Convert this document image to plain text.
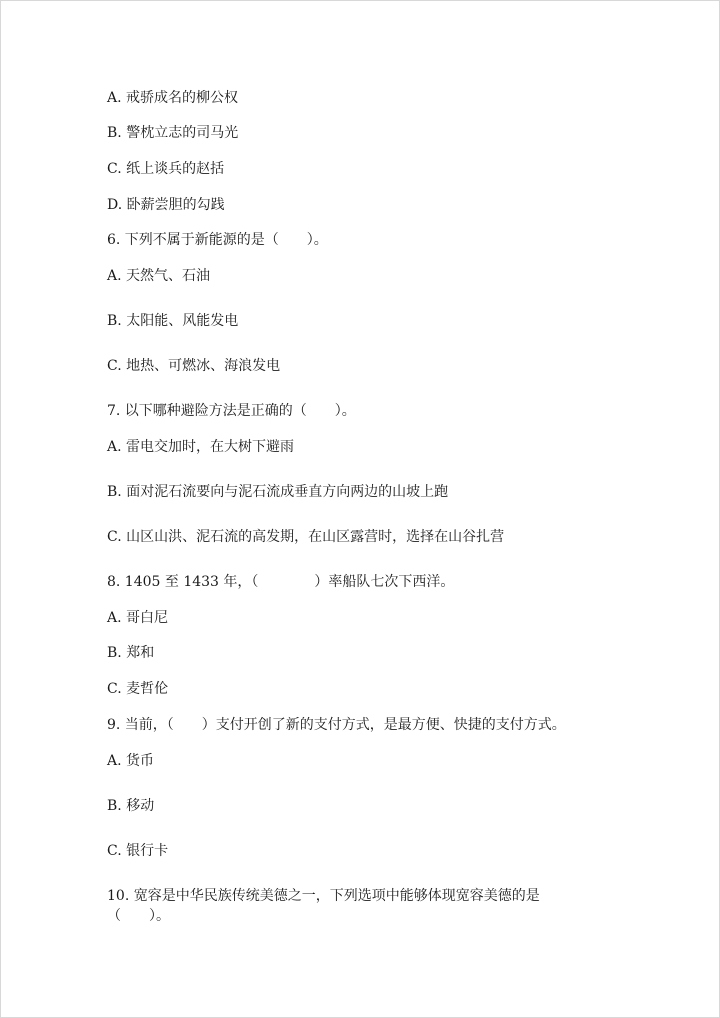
A. 戒骄成名的柳公权
B. 警枕立志的司马光
C. 纸上谈兵的赵括
D. 卧薪尝胆的勾践
6. 下列不属于新能源的是（　　）。
A. 天然气、石油
B. 太阳能、风能发电
C. 地热、可燃冰、海浪发电
7. 以下哪种避险方法是正确的（　　）。
A. 雷电交加时，在大树下避雨
B. 面对泥石流要向与泥石流成垂直方向两边的山坡上跑
C. 山区山洪、泥石流的高发期，在山区露营时，选择在山谷扎营
8. 1405 至 1433 年，（　　　　）率船队七次下西洋。
A. 哥白尼
B. 郑和
C. 麦哲伦
9. 当前，（　　）支付开创了新的支付方式，是最方便、快捷的支付方式。
A. 货币
B. 移动
C. 银行卡
10. 宽容是中华民族传统美德之一，下列选项中能够体现宽容美德的是
（　　）。
